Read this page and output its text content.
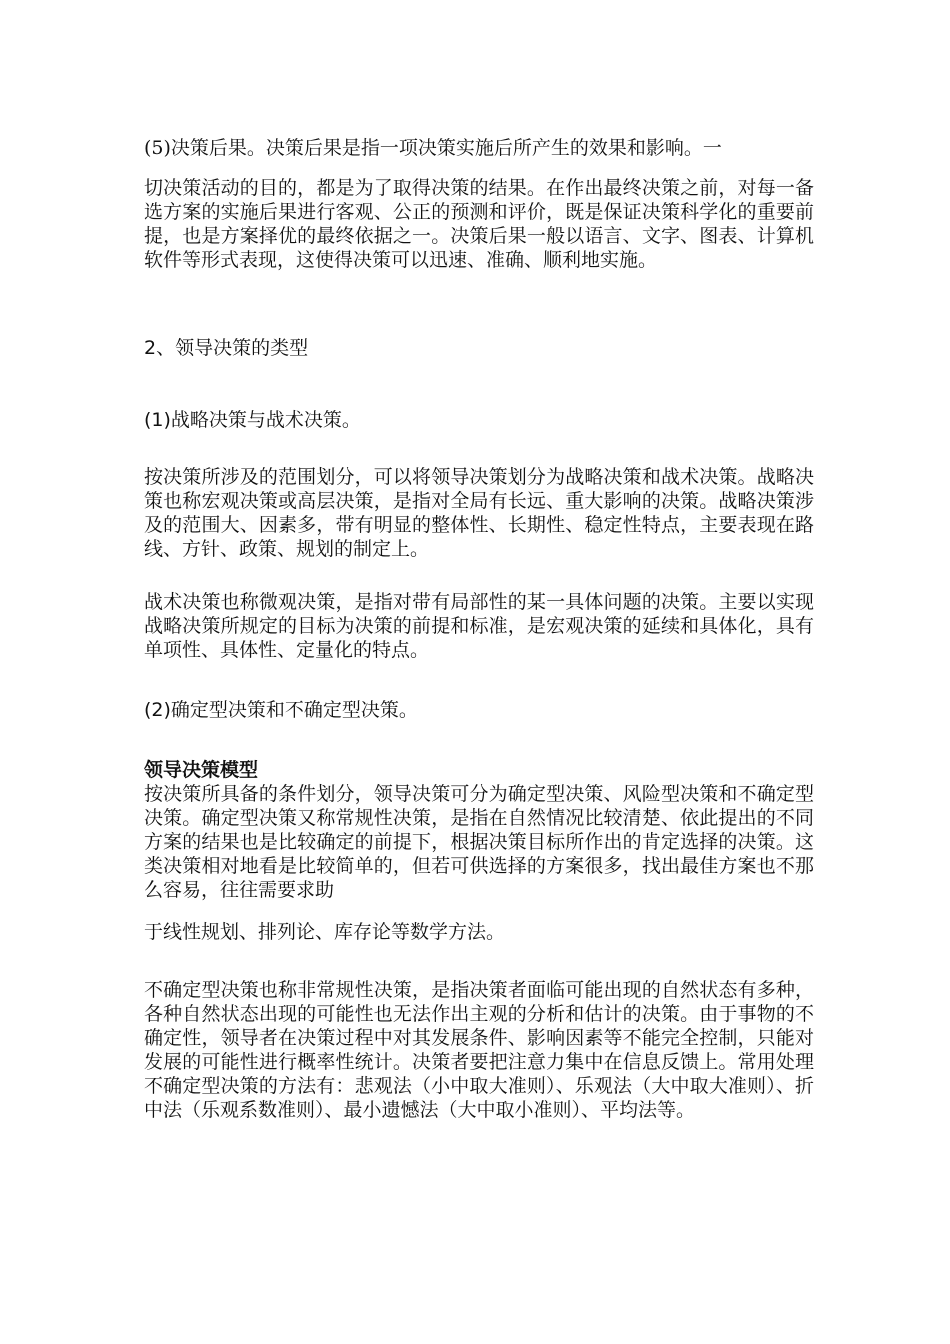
(5)决策后果。决策后果是指一项决策实施后所产生的效果和影响。一

切决策活动的目的，都是为了取得决策的结果。在作出最终决策之前，对每一备选方案的实施后果进行客观、公正的预测和评价，既是保证决策科学化的重要前提，也是方案择优的最终依据之一。决策后果一般以语言、文字、图表、计算机软件等形式表现，这使得决策可以迅速、准确、顺利地实施。

2、领导决策的类型

(1)战略决策与战术决策。

按决策所涉及的范围划分，可以将领导决策划分为战略决策和战术决策。战略决策也称宏观决策或高层决策，是指对全局有长远、重大影响的决策。战略决策涉及的范围大、因素多，带有明显的整体性、长期性、稳定性特点，主要表现在路线、方针、政策、规划的制定上。

战术决策也称微观决策，是指对带有局部性的某一具体问题的决策。主要以实现战略决策所规定的目标为决策的前提和标准，是宏观决策的延续和具体化，具有单项性、具体性、定量化的特点。

(2)确定型决策和不确定型决策。

领导决策模型

按决策所具备的条件划分，领导决策可分为确定型决策、风险型决策和不确定型决策。确定型决策又称常规性决策，是指在自然情况比较清楚、依此提出的不同方案的结果也是比较确定的前提下，根据决策目标所作出的肯定选择的决策。这类决策相对地看是比较简单的，但若可供选择的方案很多，找出最佳方案也不那么容易，往往需要求助

于线性规划、排列论、库存论等数学方法。

不确定型决策也称非常规性决策，是指决策者面临可能出现的自然状态有多种，各种自然状态出现的可能性也无法作出主观的分析和估计的决策。由于事物的不确定性，领导者在决策过程中对其发展条件、影响因素等不能完全控制，只能对发展的可能性进行概率性统计。决策者要把注意力集中在信息反馈上。常用处理不确定型决策的方法有：悲观法（小中取大准则）、乐观法（大中取大准则）、折中法（乐观系数准则）、最小遗憾法（大中取小准则）、平均法等。
